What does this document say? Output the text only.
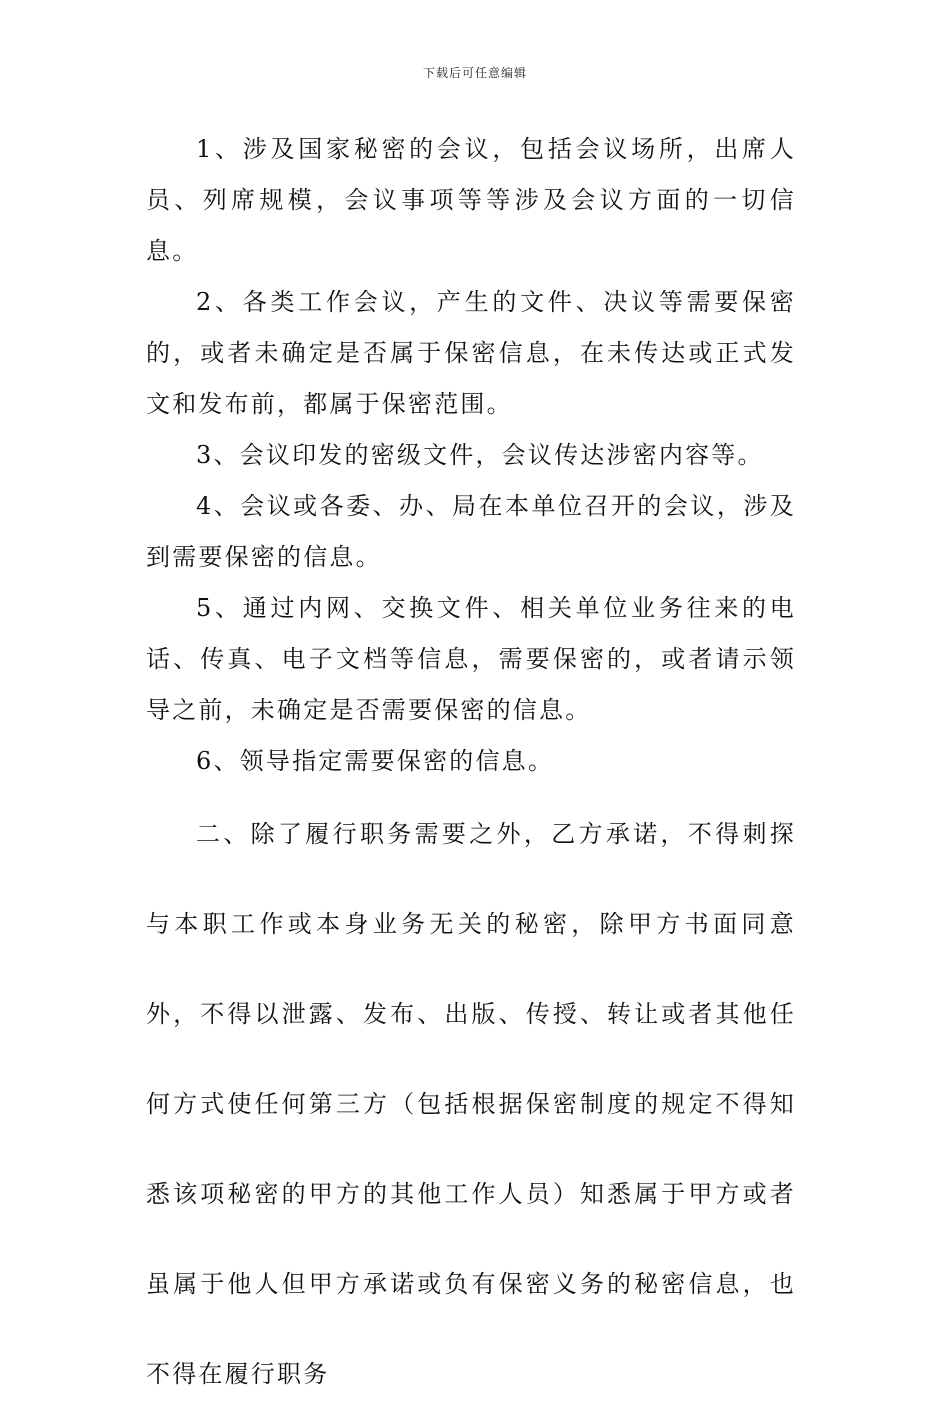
下载后可任意编辑

1、涉及国家秘密的会议，包括会议场所，出席人员、列席规模，会议事项等等涉及会议方面的一切信息。

2、各类工作会议，产生的文件、决议等需要保密的，或者未确定是否属于保密信息，在未传达或正式发文和发布前，都属于保密范围。

3、会议印发的密级文件，会议传达涉密内容等。

4、会议或各委、办、局在本单位召开的会议，涉及到需要保密的信息。

5、通过内网、交换文件、相关单位业务往来的电话、传真、电子文档等信息，需要保密的，或者请示领导之前，未确定是否需要保密的信息。

6、领导指定需要保密的信息。

二、除了履行职务需要之外，乙方承诺，不得刺探与本职工作或本身业务无关的秘密，除甲方书面同意外，不得以泄露、发布、出版、传授、转让或者其他任何方式使任何第三方（包括根据保密制度的规定不得知悉该项秘密的甲方的其他工作人员）知悉属于甲方或者虽属于他人但甲方承诺或负有保密义务的秘密信息，也不得在履行职务
